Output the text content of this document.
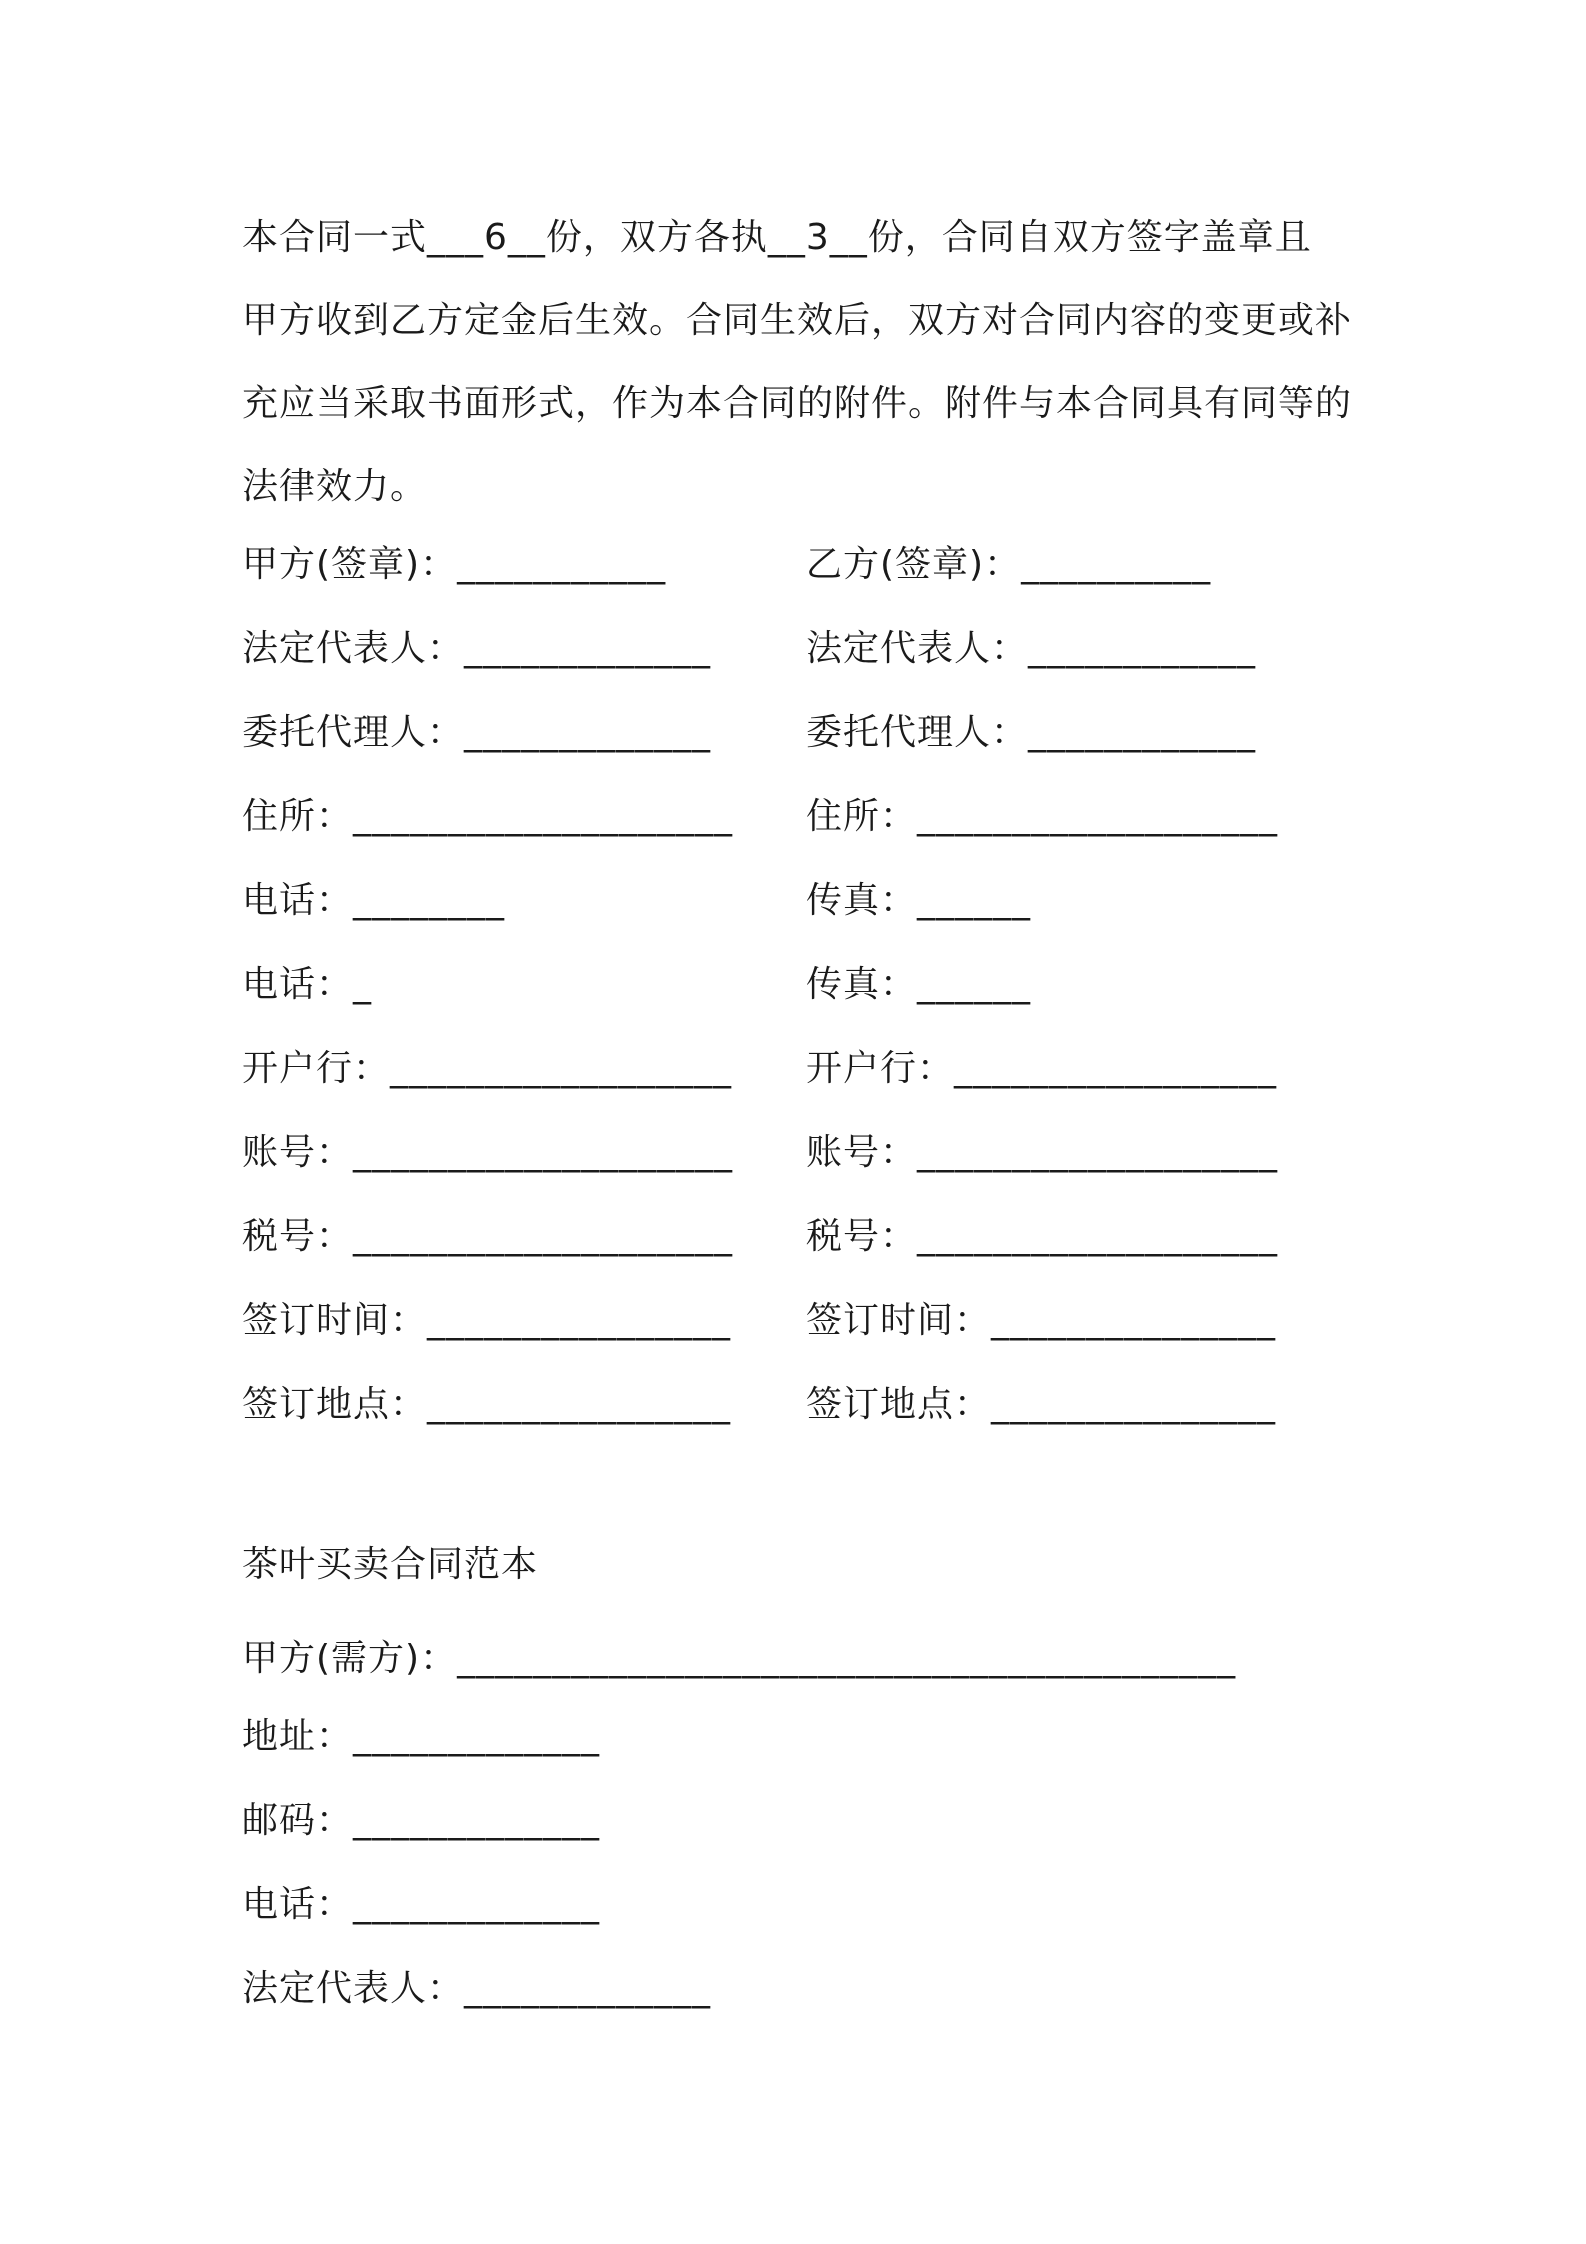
本合同一式___6__份，双方各执__3__份，合同自双方签字盖章且
甲方收到乙方定金后生效。合同生效后，双方对合同内容的变更或补
充应当采取书面形式，作为本合同的附件。附件与本合同具有同等的
法律效力。
甲方(签章)：___________
法定代表人：_____________
委托代理人：_____________
住所：____________________
电话：________
电话：_
开户行：__________________
账号：____________________
税号：____________________
签订时间：________________
签订地点：________________
乙方(签章)：__________
法定代表人：____________
委托代理人：____________
住所：___________________
传真：______
传真：______
开户行：_________________
账号：___________________
税号：___________________
签订时间：_______________
签订地点：_______________
茶叶买卖合同范本
甲方(需方)：_________________________________________
地址：_____________
邮码：_____________
电话：_____________
法定代表人：_____________
